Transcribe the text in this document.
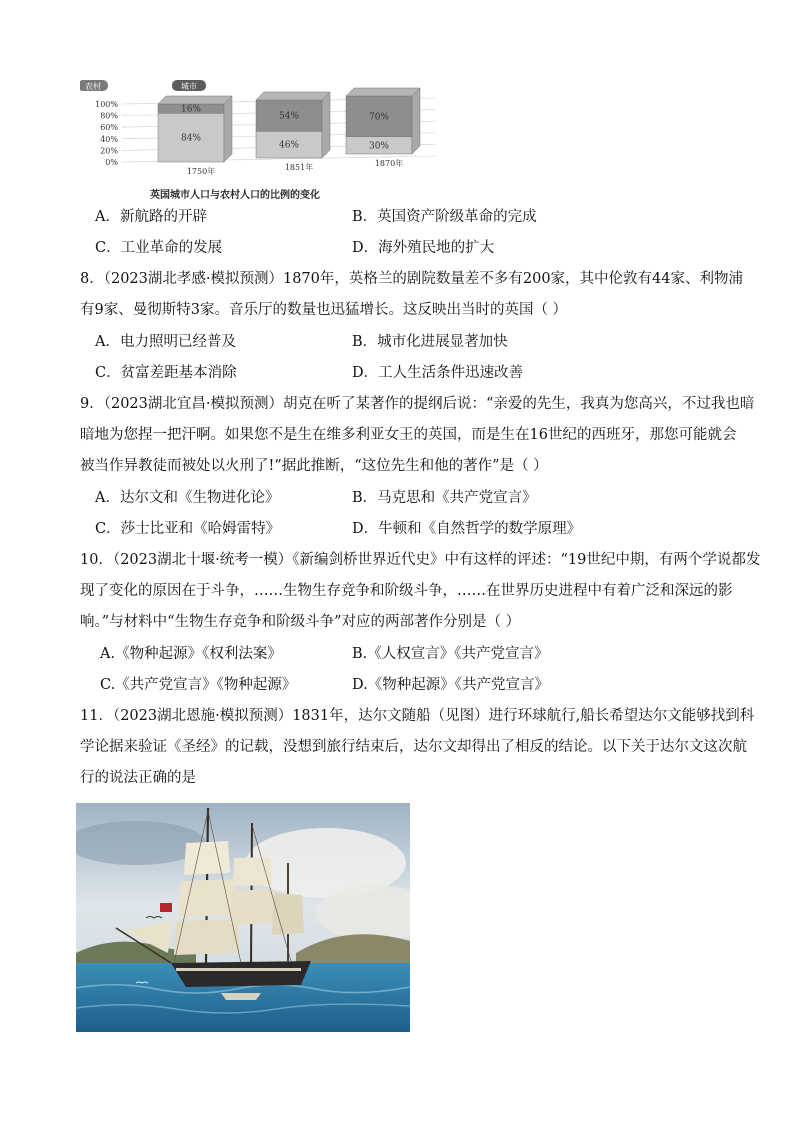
农村	城市
100%
80%
60%
40%
20%
0%
16%
84%
1750年
54%
46%
1851年
70%
30%
1870年
英国城市人口与农村人口的比例的变化
A．新航路的开辟	B．英国资产阶级革命的完成
C．工业革命的发展	D．海外殖民地的扩大
8．（2023湖北孝感·模拟预测）1870年，英格兰的剧院数量差不多有200家，其中伦敦有44家、利物浦
有9家、曼彻斯特3家。音乐厅的数量也迅猛增长。这反映出当时的英国（ ）
A．电力照明已经普及	B．城市化进展显著加快
C．贫富差距基本消除	D．工人生活条件迅速改善
9．（2023湖北宜昌·模拟预测）胡克在听了某著作的提纲后说：“亲爱的先生，我真为您高兴，不过我也暗
暗地为您捏一把汗啊。如果您不是生在维多利亚女王的英国，而是生在16世纪的西班牙，那您可能就会
被当作异教徒而被处以火刑了!”据此推断，“这位先生和他的著作”是（ ）
A．达尔文和《生物进化论》	B．马克思和《共产党宣言》
C．莎士比亚和《哈姆雷特》	D．牛顿和《自然哲学的数学原理》
10．（2023湖北十堰·统考一模）《新编剑桥世界近代史》中有这样的评述：“19世纪中期，有两个学说都发
现了变化的原因在于斗争，……生物生存竞争和阶级斗争，……在世界历史进程中有着广泛和深远的影
响。”与材料中“生物生存竞争和阶级斗争”对应的两部著作分别是（ ）
A.《物种起源》《权利法案》	B.《人权宣言》《共产党宣言》
C.《共产党宣言》《物种起源》	D.《物种起源》《共产党宣言》
11．（2023湖北恩施·模拟预测）1831年，达尔文随船（见图）进行环球航行,船长希望达尔文能够找到科
学论据来验证《圣经》的记载，没想到旅行结束后，达尔文却得出了相反的结论。以下关于达尔文这次航
行的说法正确的是
